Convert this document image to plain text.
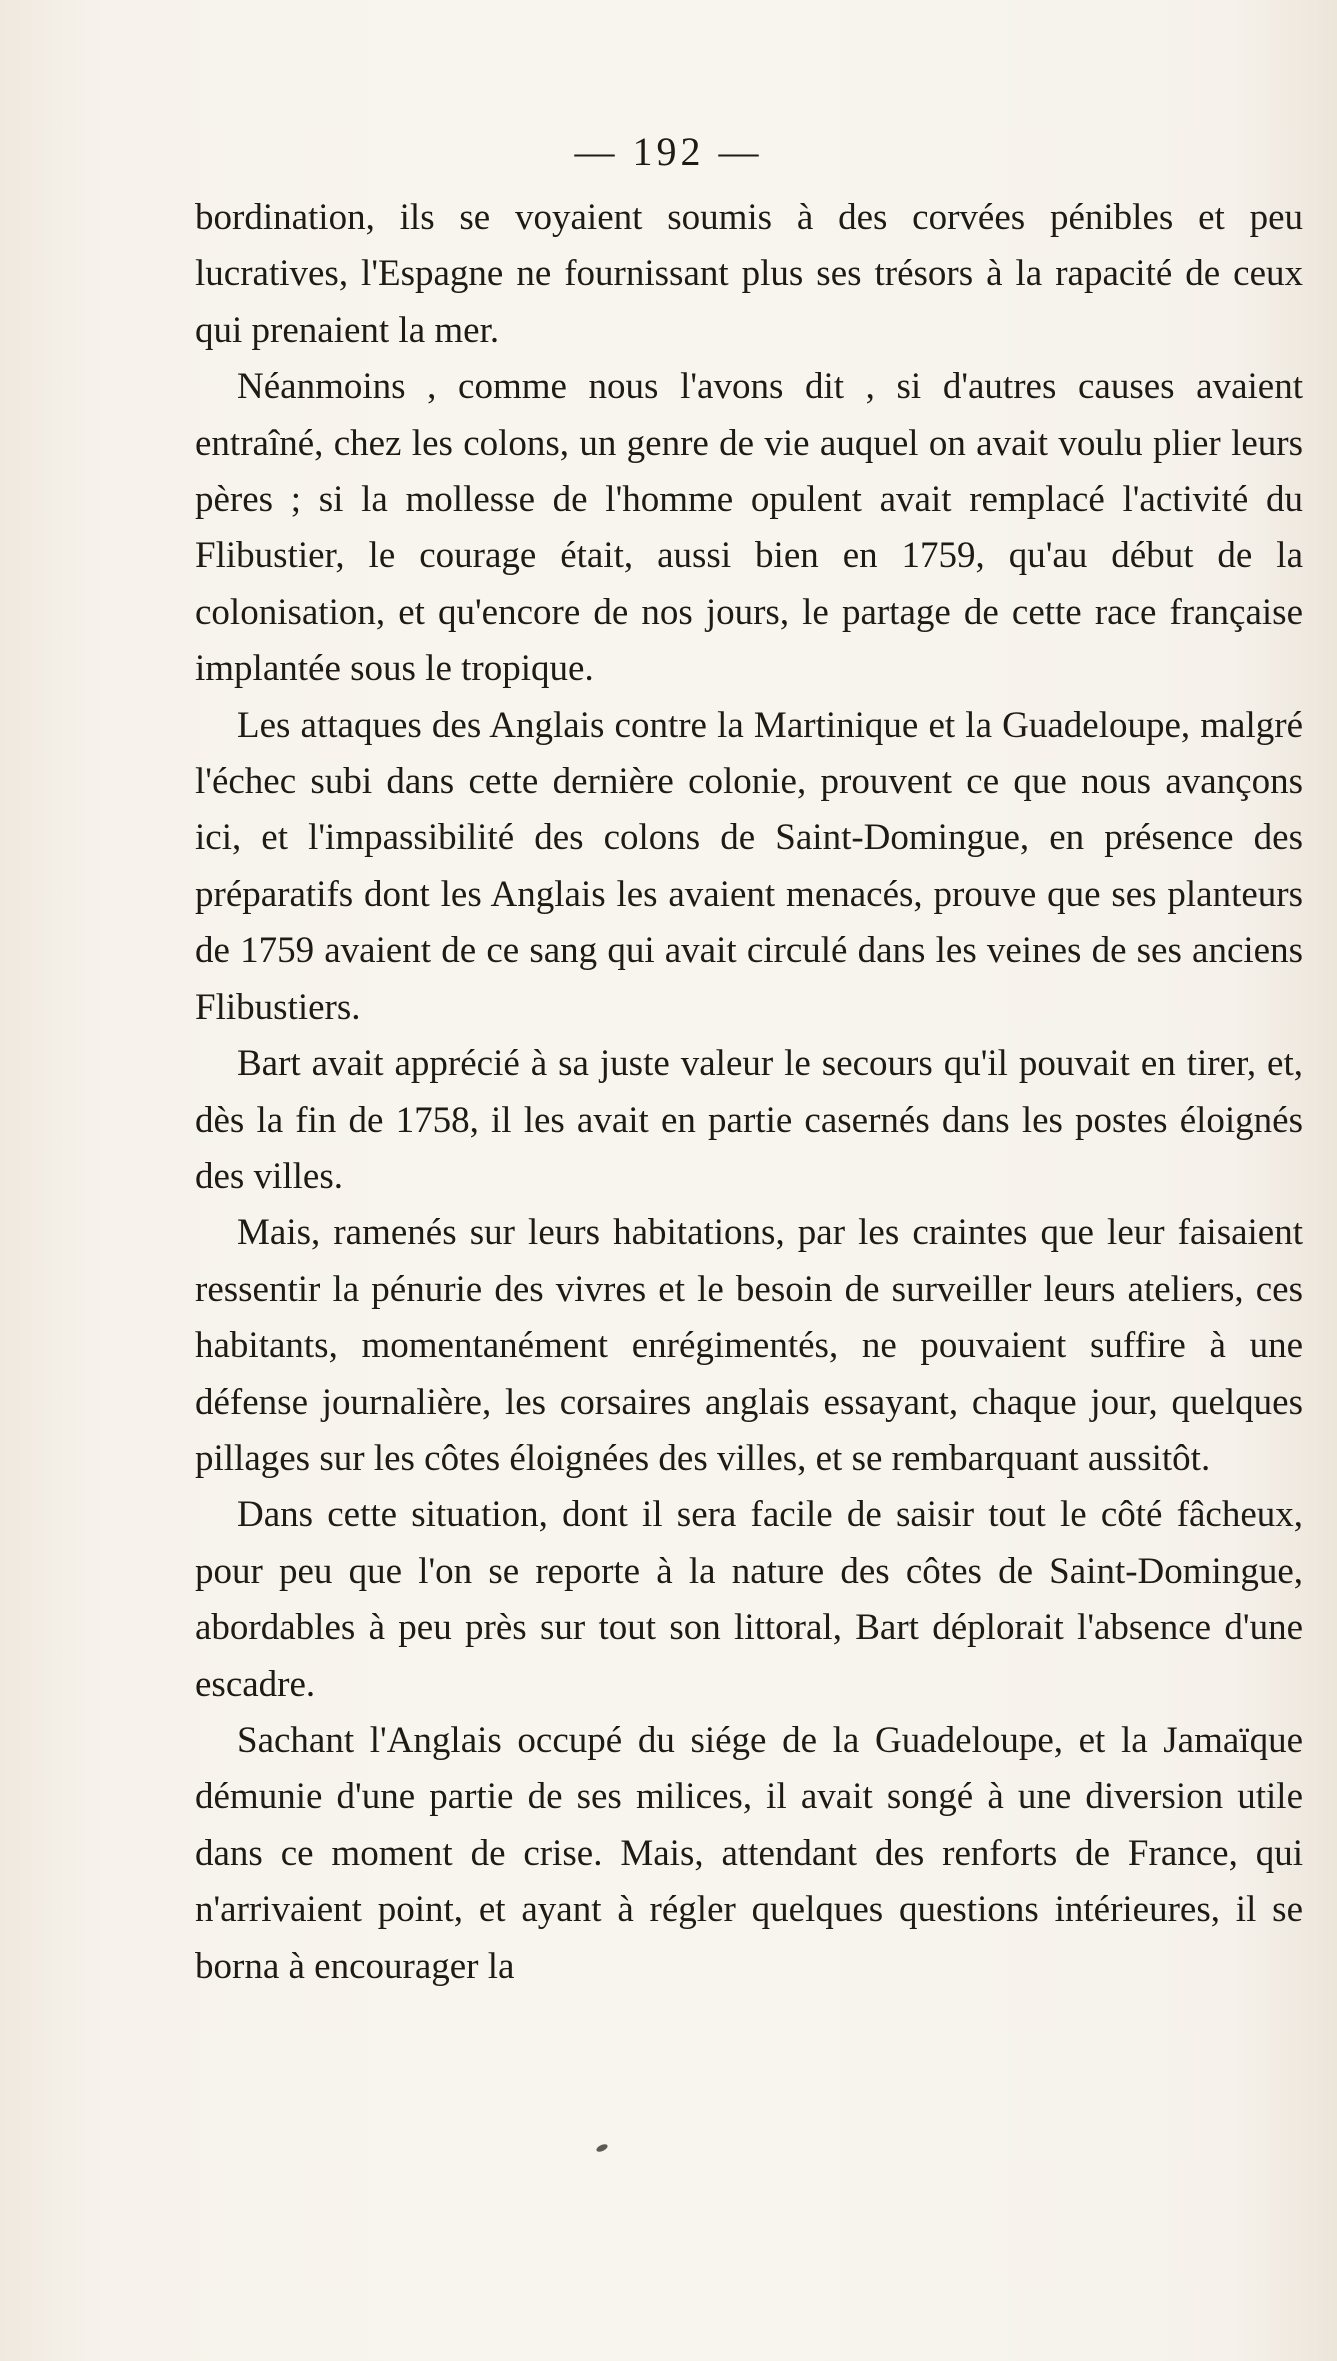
— 192 —

bordination, ils se voyaient soumis à des corvées pénibles et peu lucratives, l'Espagne ne fournissant plus ses trésors à la rapacité de ceux qui prenaient la mer.

Néanmoins , comme nous l'avons dit , si d'autres causes avaient entraîné, chez les colons, un genre de vie auquel on avait voulu plier leurs pères ; si la mollesse de l'homme opulent avait remplacé l'activité du Flibustier, le courage était, aussi bien en 1759, qu'au début de la colonisation, et qu'encore de nos jours, le partage de cette race française implantée sous le tropique.

Les attaques des Anglais contre la Martinique et la Guadeloupe, malgré l'échec subi dans cette dernière colonie, prouvent ce que nous avançons ici, et l'impassibilité des colons de Saint-Domingue, en présence des préparatifs dont les Anglais les avaient menacés, prouve que ses planteurs de 1759 avaient de ce sang qui avait circulé dans les veines de ses anciens Flibustiers.

Bart avait apprécié à sa juste valeur le secours qu'il pouvait en tirer, et, dès la fin de 1758, il les avait en partie casernés dans les postes éloignés des villes.

Mais, ramenés sur leurs habitations, par les craintes que leur faisaient ressentir la pénurie des vivres et le besoin de surveiller leurs ateliers, ces habitants, momentanément enrégimentés, ne pouvaient suffire à une défense journalière, les corsaires anglais essayant, chaque jour, quelques pillages sur les côtes éloignées des villes, et se rembarquant aussitôt.

Dans cette situation, dont il sera facile de saisir tout le côté fâcheux, pour peu que l'on se reporte à la nature des côtes de Saint-Domingue, abordables à peu près sur tout son littoral, Bart déplorait l'absence d'une escadre.

Sachant l'Anglais occupé du siége de la Guadeloupe, et la Jamaïque démunie d'une partie de ses milices, il avait songé à une diversion utile dans ce moment de crise. Mais, attendant des renforts de France, qui n'arrivaient point, et ayant à régler quelques questions intérieures, il se borna à encourager la
